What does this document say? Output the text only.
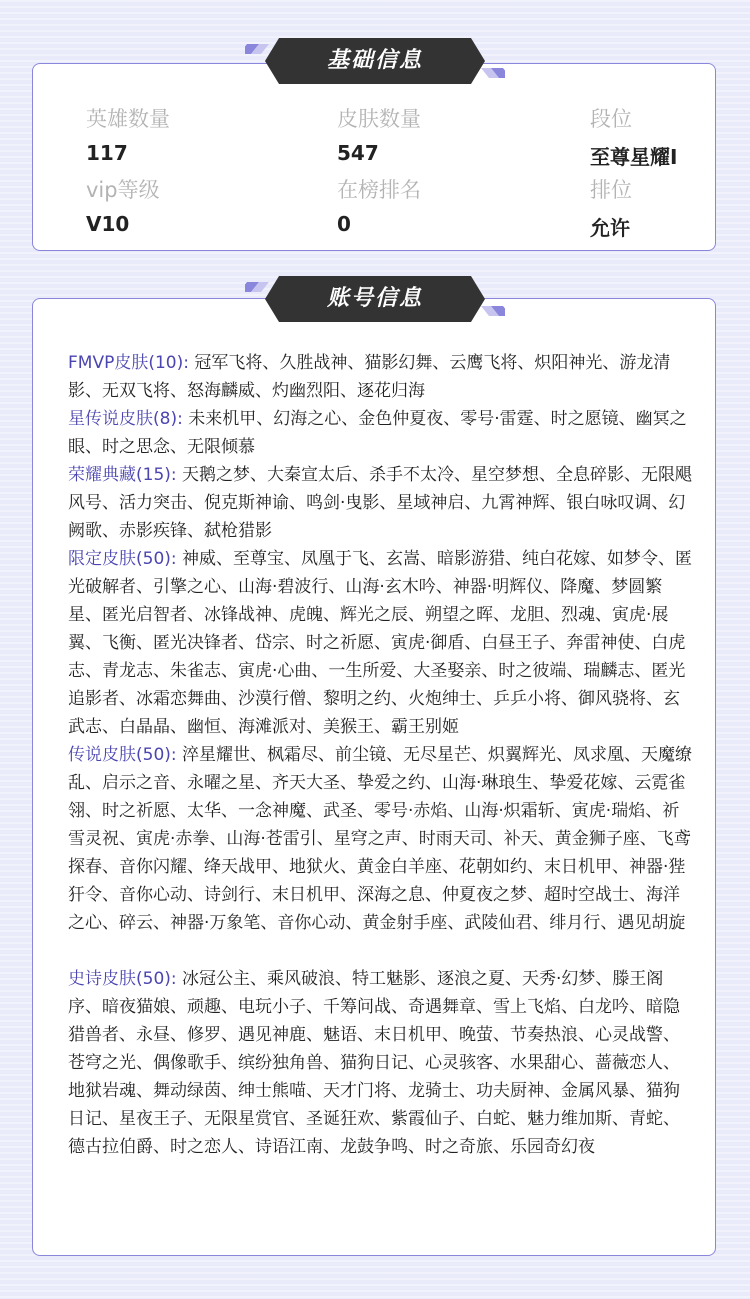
基础信息
英雄数量
117
皮肤数量
547
段位
至尊星耀I
vip等级
V10
在榜排名
0
排位
允许
账号信息

FMVP皮肤(10): 冠军飞将、久胜战神、猫影幻舞、云鹰飞将、炽阳神光、游龙清影、无双飞将、怒海麟威、灼幽烈阳、逐花归海

星传说皮肤(8): 未来机甲、幻海之心、金色仲夏夜、零号·雷霆、时之愿镜、幽冥之眼、时之思念、无限倾慕

荣耀典藏(15): 天鹅之梦、大秦宣太后、杀手不太冷、星空梦想、全息碎影、无限飓风号、活力突击、倪克斯神谕、鸣剑·曳影、星域神启、九霄神辉、银白咏叹调、幻阙歌、赤影疾锋、弑枪猎影

限定皮肤(50): 神威、至尊宝、凤凰于飞、玄嵩、暗影游猎、纯白花嫁、如梦令、匿光破解者、引擎之心、山海·碧波行、山海·玄木吟、神器·明辉仪、降魔、梦圆繁星、匿光启智者、冰锋战神、虎魄、辉光之辰、朔望之晖、龙胆、烈魂、寅虎·展翼、飞衡、匿光决锋者、岱宗、时之祈愿、寅虎·御盾、白昼王子、奔雷神使、白虎志、青龙志、朱雀志、寅虎·心曲、一生所爱、大圣娶亲、时之彼端、瑞麟志、匿光追影者、冰霜恋舞曲、沙漠行僧、黎明之约、火炮绅士、乒乒小将、御风骁将、玄武志、白晶晶、幽恒、海滩派对、美猴王、霸王别姬

传说皮肤(50): 淬星耀世、枫霜尽、前尘镜、无尽星芒、炽翼辉光、凤求凰、天魔缭乱、启示之音、永曜之星、齐天大圣、挚爱之约、山海·琳琅生、挚爱花嫁、云霓雀翎、时之祈愿、太华、一念神魔、武圣、零号·赤焰、山海·炽霜斩、寅虎·瑞焰、祈雪灵祝、寅虎·赤拳、山海·苍雷引、星穹之声、时雨天司、补天、黄金狮子座、飞鸢探春、音你闪耀、绛天战甲、地狱火、黄金白羊座、花朝如约、末日机甲、神器·狴犴令、音你心动、诗剑行、末日机甲、深海之息、仲夏夜之梦、超时空战士、海洋之心、碎云、神器·万象笔、音你心动、黄金射手座、武陵仙君、绯月行、遇见胡旋

史诗皮肤(50): 冰冠公主、乘风破浪、特工魅影、逐浪之夏、天秀·幻梦、滕王阁序、暗夜猫娘、顽趣、电玩小子、千筹问战、奇遇舞章、雪上飞焰、白龙吟、暗隐猎兽者、永昼、修罗、遇见神鹿、魅语、末日机甲、晚萤、节奏热浪、心灵战警、苍穹之光、偶像歌手、缤纷独角兽、猫狗日记、心灵骇客、水果甜心、蔷薇恋人、地狱岩魂、舞动绿茵、绅士熊喵、天才门将、龙骑士、功夫厨神、金属风暴、猫狗日记、星夜王子、无限星赏官、圣诞狂欢、紫霞仙子、白蛇、魅力维加斯、青蛇、德古拉伯爵、时之恋人、诗语江南、龙鼓争鸣、时之奇旅、乐园奇幻夜
